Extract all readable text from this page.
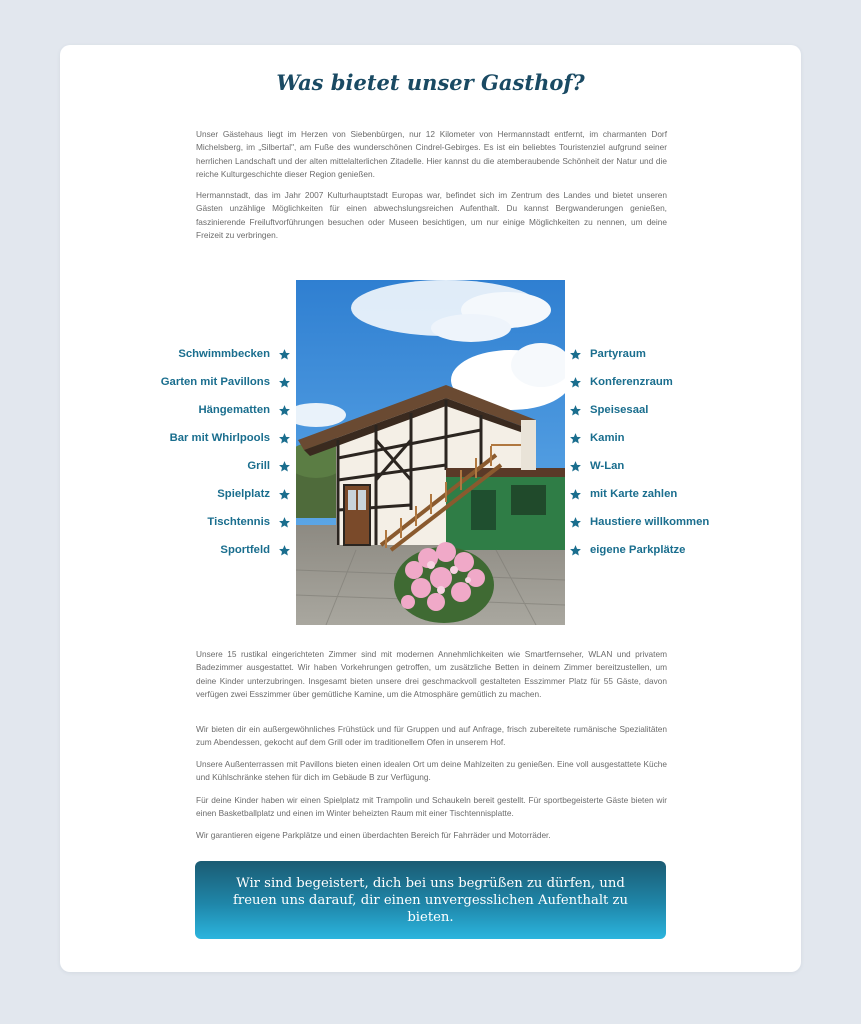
Was bietet unser Gasthof?

Unser Gästehaus liegt im Herzen von Siebenbürgen, nur 12 Kilometer von Hermannstadt entfernt, im charmanten Dorf Michelsberg, im „Silbertal", am Fuße des wunderschönen Cindrel-Gebirges. Es ist ein beliebtes Touristenziel aufgrund seiner herrlichen Landschaft und der alten mittelalterlichen Zitadelle. Hier kannst du die atemberaubende Schönheit der Natur und die reiche Kulturgeschichte dieser Region genießen.

Hermannstadt, das im Jahr 2007 Kulturhauptstadt Europas war, befindet sich im Zentrum des Landes und bietet unseren Gästen unzählige Möglichkeiten für einen abwechslungsreichen Aufenthalt. Du kannst Bergwanderungen genießen, faszinierende Freiluftvorführungen besuchen oder Museen besichtigen, um nur einige Möglichkeiten zu nennen, um deine Freizeit zu verbringen.

Schwimmbecken
Garten mit Pavillons
Hängematten
Bar mit Whirlpools
Grill
Spielplatz
Tischtennis
Sportfeld
Partyraum
Konferenzraum
Speisesaal
Kamin
W-Lan
mit Karte zahlen
Haustiere willkommen
eigene Parkplätze

Unsere 15 rustikal eingerichteten Zimmer sind mit modernen Annehmlichkeiten wie Smartfernseher, WLAN und privatem Badezimmer ausgestattet. Wir haben Vorkehrungen getroffen, um zusätzliche Betten in deinem Zimmer bereitzustellen, um deine Kinder unterzubringen. Insgesamt bieten unsere drei geschmackvoll gestalteten Esszimmer Platz für 55 Gäste, davon verfügen zwei Esszimmer über gemütliche Kamine, um die Atmosphäre gemütlich zu machen.

Wir bieten dir ein außergewöhnliches Frühstück und für Gruppen und auf Anfrage, frisch zubereitete rumänische Spezialitäten zum Abendessen, gekocht auf dem Grill oder im traditionellem Ofen in unserem Hof.

Unsere Außenterrassen mit Pavillons bieten einen idealen Ort um deine Mahlzeiten zu genießen. Eine voll ausgestattete Küche und Kühlschränke stehen für dich im Gebäude B zur Verfügung.

Für deine Kinder haben wir einen Spielplatz mit Trampolin und Schaukeln bereit gestellt. Für sportbegeisterte Gäste bieten wir einen Basketballplatz und einen im Winter beheizten Raum mit einer Tischtennisplatte.

Wir garantieren eigene Parkplätze und einen überdachten Bereich für Fahrräder und Motorräder.

Wir sind begeistert, dich bei uns begrüßen zu dürfen, und freuen uns darauf, dir einen unvergesslichen Aufenthalt zu bieten.
